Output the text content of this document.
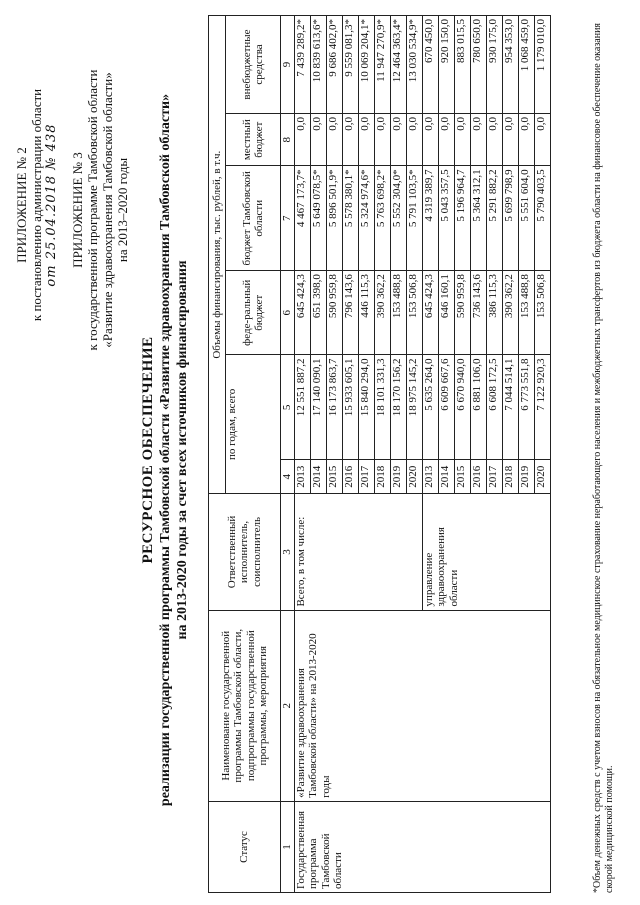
ПРИЛОЖЕНИЕ № 2 к постановлению администрации области от 25.04.2018 № 438 ПРИЛОЖЕНИЕ № 3 к государственной программе Тамбовской области «Развитие здравоохранения Тамбовской области» на 2013–2020 годы
РЕСУРСНОЕ ОБЕСПЕЧЕНИЕ реализации государственной программы Тамбовской области «Развитие здравоохранения Тамбовской области» на 2013-2020 годы за счет всех источников финансирования
Статус	Наименование государственной программы Тамбовской области, подпрограммы государственной программы, мероприятия	Ответственный исполнитель, соисполнитель	Объемы финансирования, тыс. рублей, в т.ч.					
			по годам, всего		феде-ральный бюджет	бюджет Тамбовской области	местный бюджет	внебюджетные средства
1	2	3	4	5	6	7	8	9
Государственная программа Тамбовской области	«Развитие здравоохранения Тамбовской области» на 2013-2020 годы	Всего, в том числе:	2013	12 551 887,2	645 424,3	4 467 173,7*	0,0	7 439 289,2*
			2014	17 140 090,1	651 398,0	5 649 078,5*	0,0	10 839 613,6*
			2015	16 173 863,7	590 959,8	5 896 501,9*	0,0	9 686 402,0*
			2016	15 933 605,1	796 143,6	5 578 380,1*	0,0	9 559 081,3*
			2017	15 840 294,0	446 115,3	5 324 974,6*	0,0	10 069 204,1*
			2018	18 101 331,3	390 362,2	5 763 698,2*	0,0	11 947 270,9*
			2019	18 170 156,2	153 488,8	5 552 304,0*	0,0	12 464 363,4*
			2020	18 975 145,2	153 506,8	5 791 103,5*	0,0	13 030 534,9*
		управление здравоохранения области	2013	5 635 264,0	645 424,3	4 319 389,7	0,0	670 450,0
			2014	6 609 667,6	646 160,1	5 043 357,5	0,0	920 150,0
			2015	6 670 940,0	590 959,8	5 196 964,7	0,0	883 015,5
			2016	6 881 106,0	736 143,6	5 364 312,1	0,0	780 650,0
			2017	6 608 172,5	386 115,3	5 291 882,2	0,0	930 175,0
			2018	7 044 514,1	390 362,2	5 699 798,9	0,0	954 353,0
			2019	6 773 551,8	153 488,8	5 551 604,0	0,0	1 068 459,0
			2020	7 122 920,3	153 506,8	5 790 403,5	0,0	1 179 010,0	*Объем денежных средств с учетом взносов на обязательное медицинское страхование неработающего населения и межбюджетных трансфертов из бюджета области на финансовое обеспечение оказания скорой медицинской помощи.
